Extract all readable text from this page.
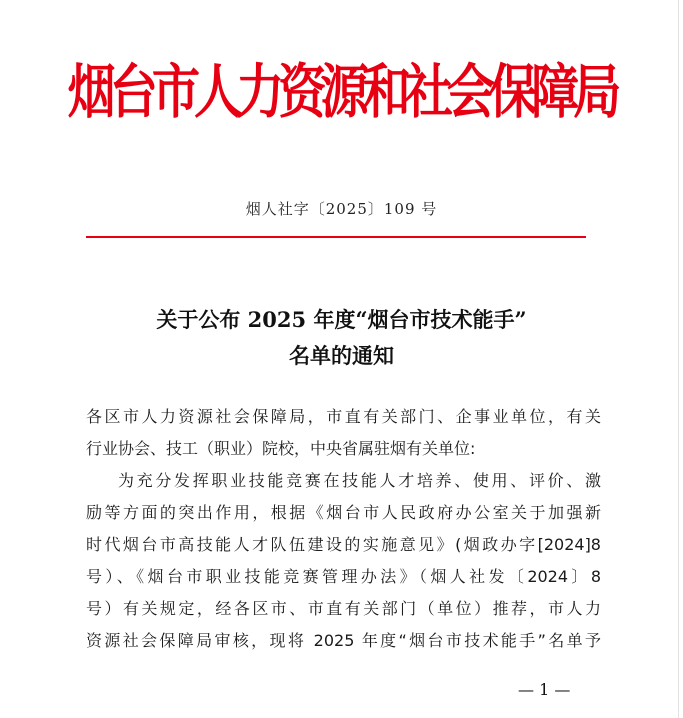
烟台市人力资源和社会保障局
烟人社字〔2025〕109 号
关于公布 2025 年度“烟台市技术能手”
名单的通知
各区市人力资源社会保障局，市直有关部门、企事业单位，有关
行业协会、技工（职业）院校，中央省属驻烟有关单位:
为充分发挥职业技能竞赛在技能人才培养、使用、评价、激
励等方面的突出作用，根据《烟台市人民政府办公室关于加强新
时代烟台市高技能人才队伍建设的实施意见》(烟政办字[2024]8
号）、《烟台市职业技能竞赛管理办法》（烟人社发〔2024〕8
号）有关规定，经各区市、市直有关部门（单位）推荐，市人力
资源社会保障局审核，现将 2025 年度“烟台市技术能手”名单予
— 1 —
